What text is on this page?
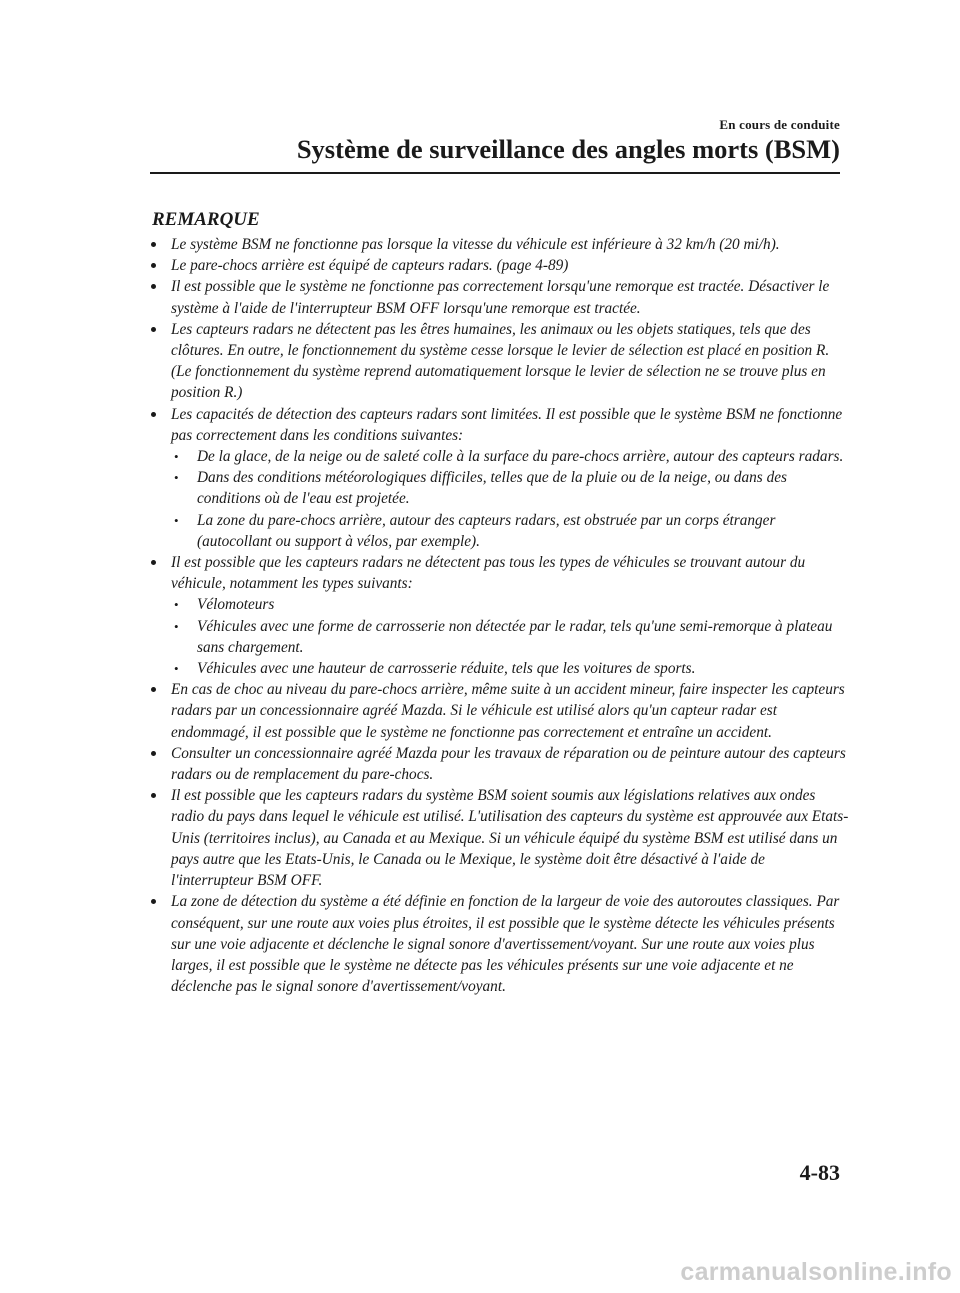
En cours de conduite
Système de surveillance des angles morts (BSM)
REMARQUE
Le système BSM ne fonctionne pas lorsque la vitesse du véhicule est inférieure à 32 km/h (20 mi/h).
Le pare-chocs arrière est équipé de capteurs radars. (page 4-89)
Il est possible que le système ne fonctionne pas correctement lorsqu'une remorque est tractée. Désactiver le système à l'aide de l'interrupteur BSM OFF lorsqu'une remorque est tractée.
Les capteurs radars ne détectent pas les êtres humaines, les animaux ou les objets statiques, tels que des clôtures. En outre, le fonctionnement du système cesse lorsque le levier de sélection est placé en position R. (Le fonctionnement du système reprend automatiquement lorsque le levier de sélection ne se trouve plus en position R.)
Les capacités de détection des capteurs radars sont limitées. Il est possible que le système BSM ne fonctionne pas correctement dans les conditions suivantes:
• De la glace, de la neige ou de saleté colle à la surface du pare-chocs arrière, autour des capteurs radars.
• Dans des conditions météorologiques difficiles, telles que de la pluie ou de la neige, ou dans des conditions où de l'eau est projetée.
• La zone du pare-chocs arrière, autour des capteurs radars, est obstruée par un corps étranger (autocollant ou support à vélos, par exemple).
Il est possible que les capteurs radars ne détectent pas tous les types de véhicules se trouvant autour du véhicule, notamment les types suivants:
• Vélomoteurs
• Véhicules avec une forme de carrosserie non détectée par le radar, tels qu'une semi-remorque à plateau sans chargement.
• Véhicules avec une hauteur de carrosserie réduite, tels que les voitures de sports.
En cas de choc au niveau du pare-chocs arrière, même suite à un accident mineur, faire inspecter les capteurs radars par un concessionnaire agréé Mazda. Si le véhicule est utilisé alors qu'un capteur radar est endommagé, il est possible que le système ne fonctionne pas correctement et entraîne un accident.
Consulter un concessionnaire agréé Mazda pour les travaux de réparation ou de peinture autour des capteurs radars ou de remplacement du pare-chocs.
Il est possible que les capteurs radars du système BSM soient soumis aux législations relatives aux ondes radio du pays dans lequel le véhicule est utilisé. L'utilisation des capteurs du système est approuvée aux Etats-Unis (territoires inclus), au Canada et au Mexique. Si un véhicule équipé du système BSM est utilisé dans un pays autre que les Etats-Unis, le Canada ou le Mexique, le système doit être désactivé à l'aide de l'interrupteur BSM OFF.
La zone de détection du système a été définie en fonction de la largeur de voie des autoroutes classiques. Par conséquent, sur une route aux voies plus étroites, il est possible que le système détecte les véhicules présents sur une voie adjacente et déclenche le signal sonore d'avertissement/voyant. Sur une route aux voies plus larges, il est possible que le système ne détecte pas les véhicules présents sur une voie adjacente et ne déclenche pas le signal sonore d'avertissement/voyant.
4-83
carmanualsonline.info
